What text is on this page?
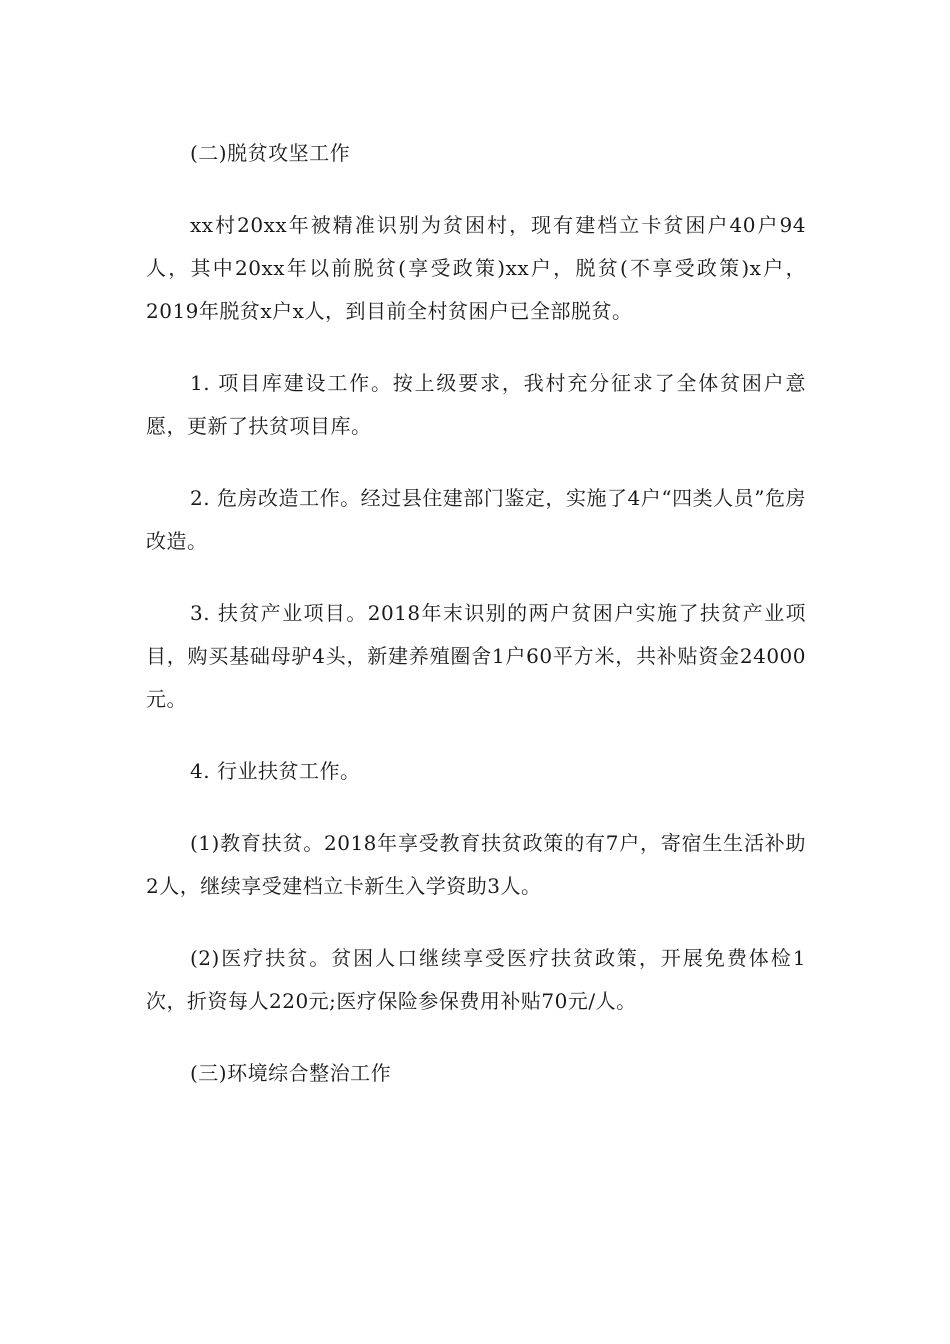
(二)脱贫攻坚工作

xx村20xx年被精准识别为贫困村，现有建档立卡贫困户40户94人，其中20xx年以前脱贫(享受政策)xx户，脱贫(不享受政策)x户， 2019年脱贫x户x人，到目前全村贫困户已全部脱贫。

1. 项目库建设工作。按上级要求，我村充分征求了全体贫困户意愿，更新了扶贫项目库。

2. 危房改造工作。经过县住建部门鉴定，实施了4户“四类人员”危房改造。

3. 扶贫产业项目。2018年末识别的两户贫困户实施了扶贫产业项目，购买基础母驴4头，新建养殖圈舍1户60平方米，共补贴资金24000元。

4. 行业扶贫工作。

(1)教育扶贫。2018年享受教育扶贫政策的有7户，寄宿生生活补助2人，继续享受建档立卡新生入学资助3人。

(2)医疗扶贫。贫困人口继续享受医疗扶贫政策，开展免费体检1次，折资每人220元;医疗保险参保费用补贴70元/人。

(三)环境综合整治工作
